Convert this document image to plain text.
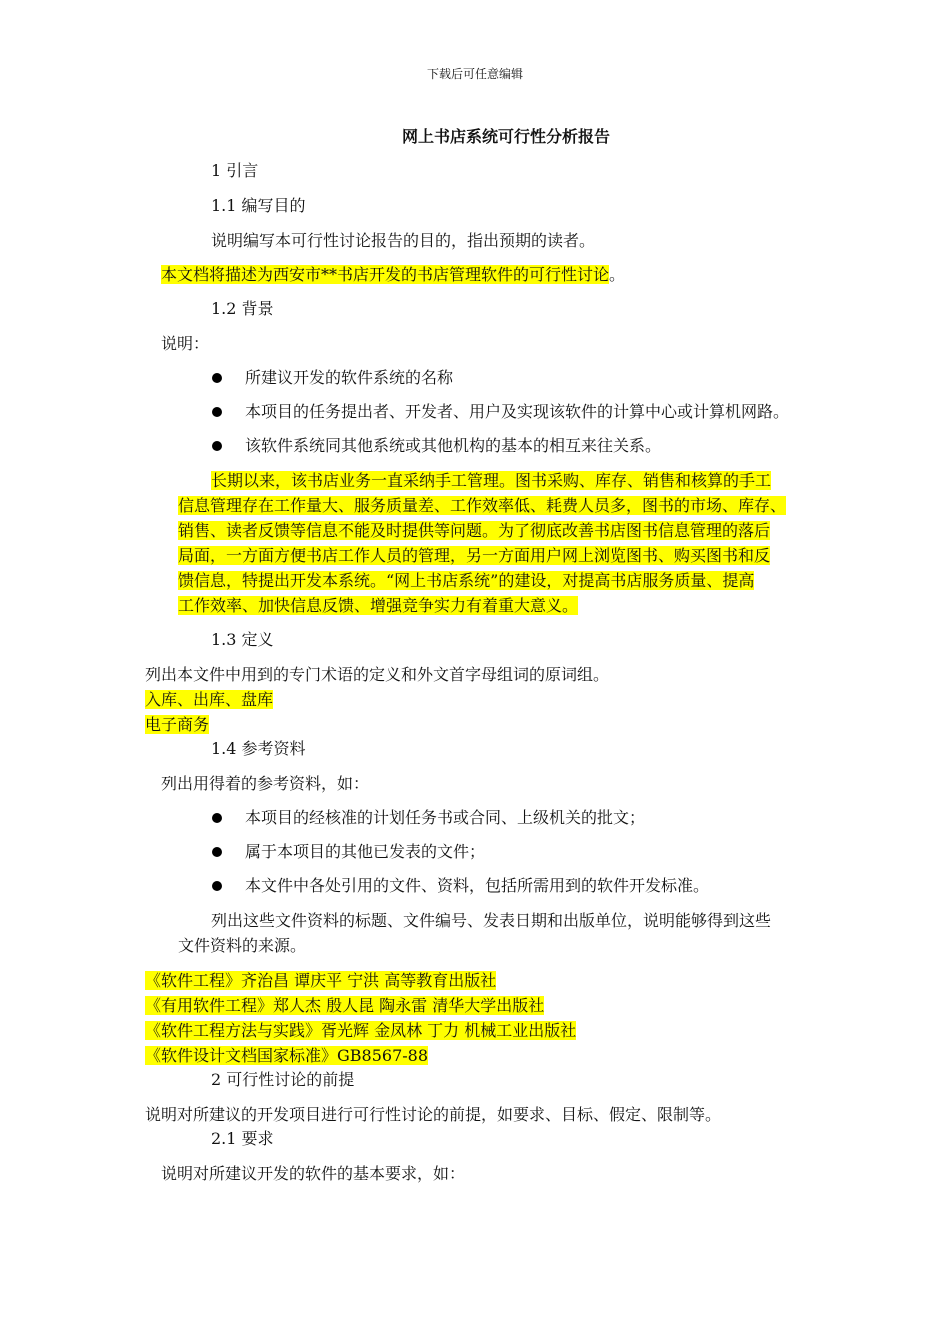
下载后可任意编辑
网上书店系统可行性分析报告
1 引言
1.1 编写目的
说明编写本可行性讨论报告的目的，指出预期的读者。
本文档将描述为西安市**书店开发的书店管理软件的可行性讨论。
1.2 背景
说明：
所建议开发的软件系统的名称
本项目的任务提出者、开发者、用户及实现该软件的计算中心或计算机网路。
该软件系统同其他系统或其他机构的基本的相互来往关系。
长期以来，该书店业务一直采纳手工管理。图书采购、库存、销售和核算的手工
信息管理存在工作量大、服务质量差、工作效率低、耗费人员多，图书的市场、库存、
销售、读者反馈等信息不能及时提供等问题。为了彻底改善书店图书信息管理的落后
局面，一方面方便书店工作人员的管理，另一方面用户网上浏览图书、购买图书和反
馈信息，特提出开发本系统。“网上书店系统”的建设，对提高书店服务质量、提高
工作效率、加快信息反馈、增强竞争实力有着重大意义。
1.3 定义
列出本文件中用到的专门术语的定义和外文首字母组词的原词组。
入库、出库、盘库
电子商务
1.4 参考资料
列出用得着的参考资料，如：
本项目的经核准的计划任务书或合同、上级机关的批文；
属于本项目的其他已发表的文件；
本文件中各处引用的文件、资料，包括所需用到的软件开发标准。
列出这些文件资料的标题、文件编号、发表日期和出版单位，说明能够得到这些
文件资料的来源。
《软件工程》齐治昌 谭庆平 宁洪 高等教育出版社
《有用软件工程》郑人杰 殷人昆 陶永雷 清华大学出版社
《软件工程方法与实践》胥光辉 金凤林 丁力 机械工业出版社
《软件设计文档国家标准》GB8567-88
2 可行性讨论的前提
说明对所建议的开发项目进行可行性讨论的前提，如要求、目标、假定、限制等。
2.1 要求
说明对所建议开发的软件的基本要求，如：
